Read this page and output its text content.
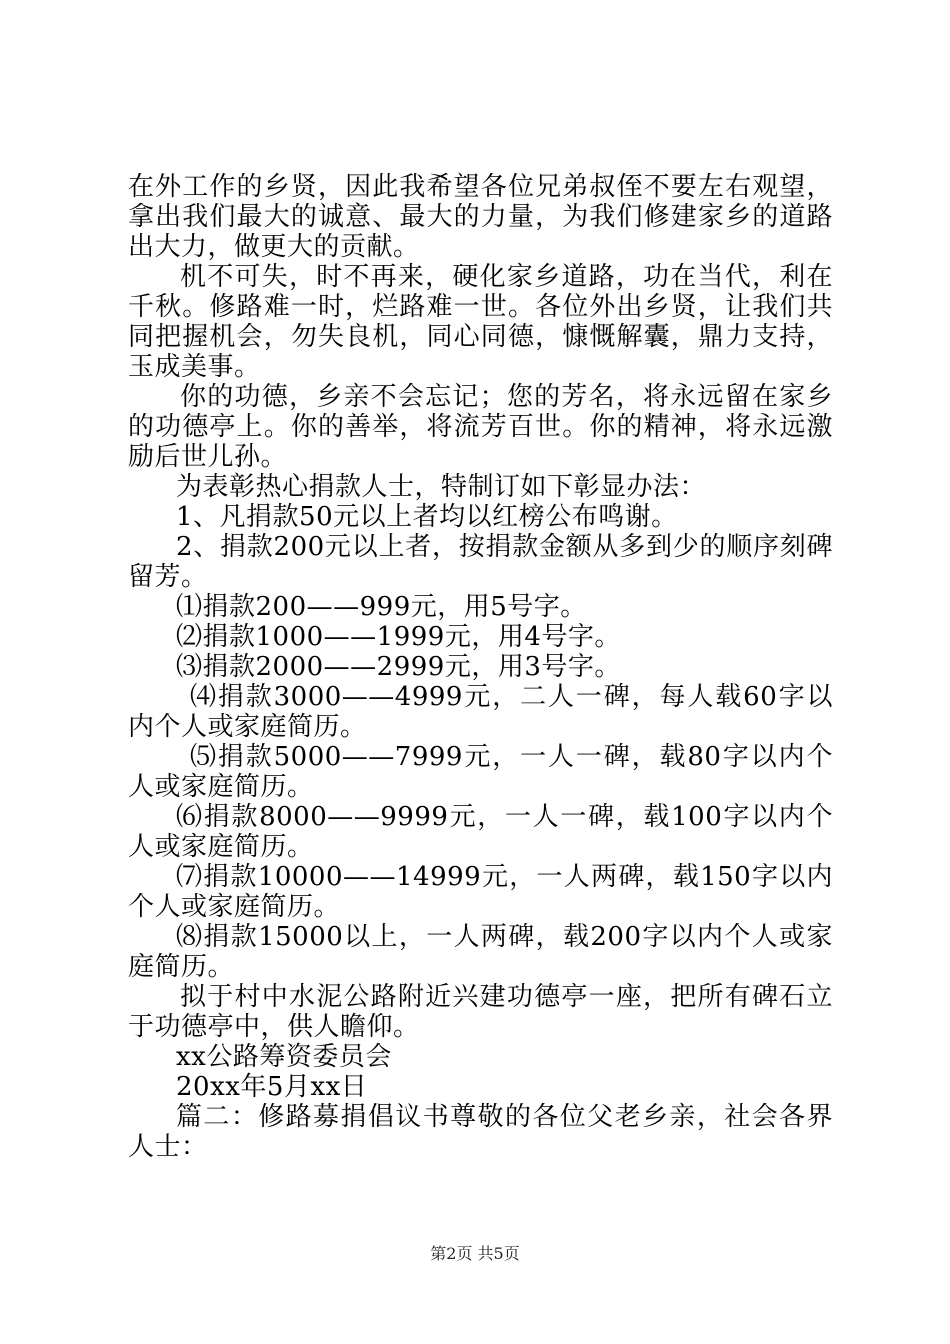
在外工作的乡贤，因此我希望各位兄弟叔侄不要左右观望，拿出我们最大的诚意、最大的力量，为我们修建家乡的道路出大力，做更大的贡献。

机不可失，时不再来，硬化家乡道路，功在当代，利在千秋。修路难一时，烂路难一世。各位外出乡贤，让我们共同把握机会，勿失良机，同心同德，慷慨解囊，鼎力支持，玉成美事。

你的功德，乡亲不会忘记；您的芳名，将永远留在家乡的功德亭上。你的善举，将流芳百世。你的精神，将永远激励后世儿孙。

为表彰热心捐款人士，特制订如下彰显办法：

1、凡捐款50元以上者均以红榜公布鸣谢。

2、捐款200元以上者，按捐款金额从多到少的顺序刻碑留芳。

⑴捐款200——999元，用5号字。

⑵捐款1000——1999元，用4号字。

⑶捐款2000——2999元，用3号字。

⑷捐款3000——4999元，二人一碑，每人载60字以内个人或家庭简历。

⑸捐款5000——7999元，一人一碑，载80字以内个人或家庭简历。

⑹捐款8000——9999元，一人一碑，载100字以内个人或家庭简历。

⑺捐款10000——14999元，一人两碑，载150字以内个人或家庭简历。

⑻捐款15000以上，一人两碑，载200字以内个人或家庭简历。

拟于村中水泥公路附近兴建功德亭一座，把所有碑石立于功德亭中，供人瞻仰。

xx公路筹资委员会

20xx年5月xx日

篇二：修路募捐倡议书尊敬的各位父老乡亲，社会各界人士：

第2页 共5页
